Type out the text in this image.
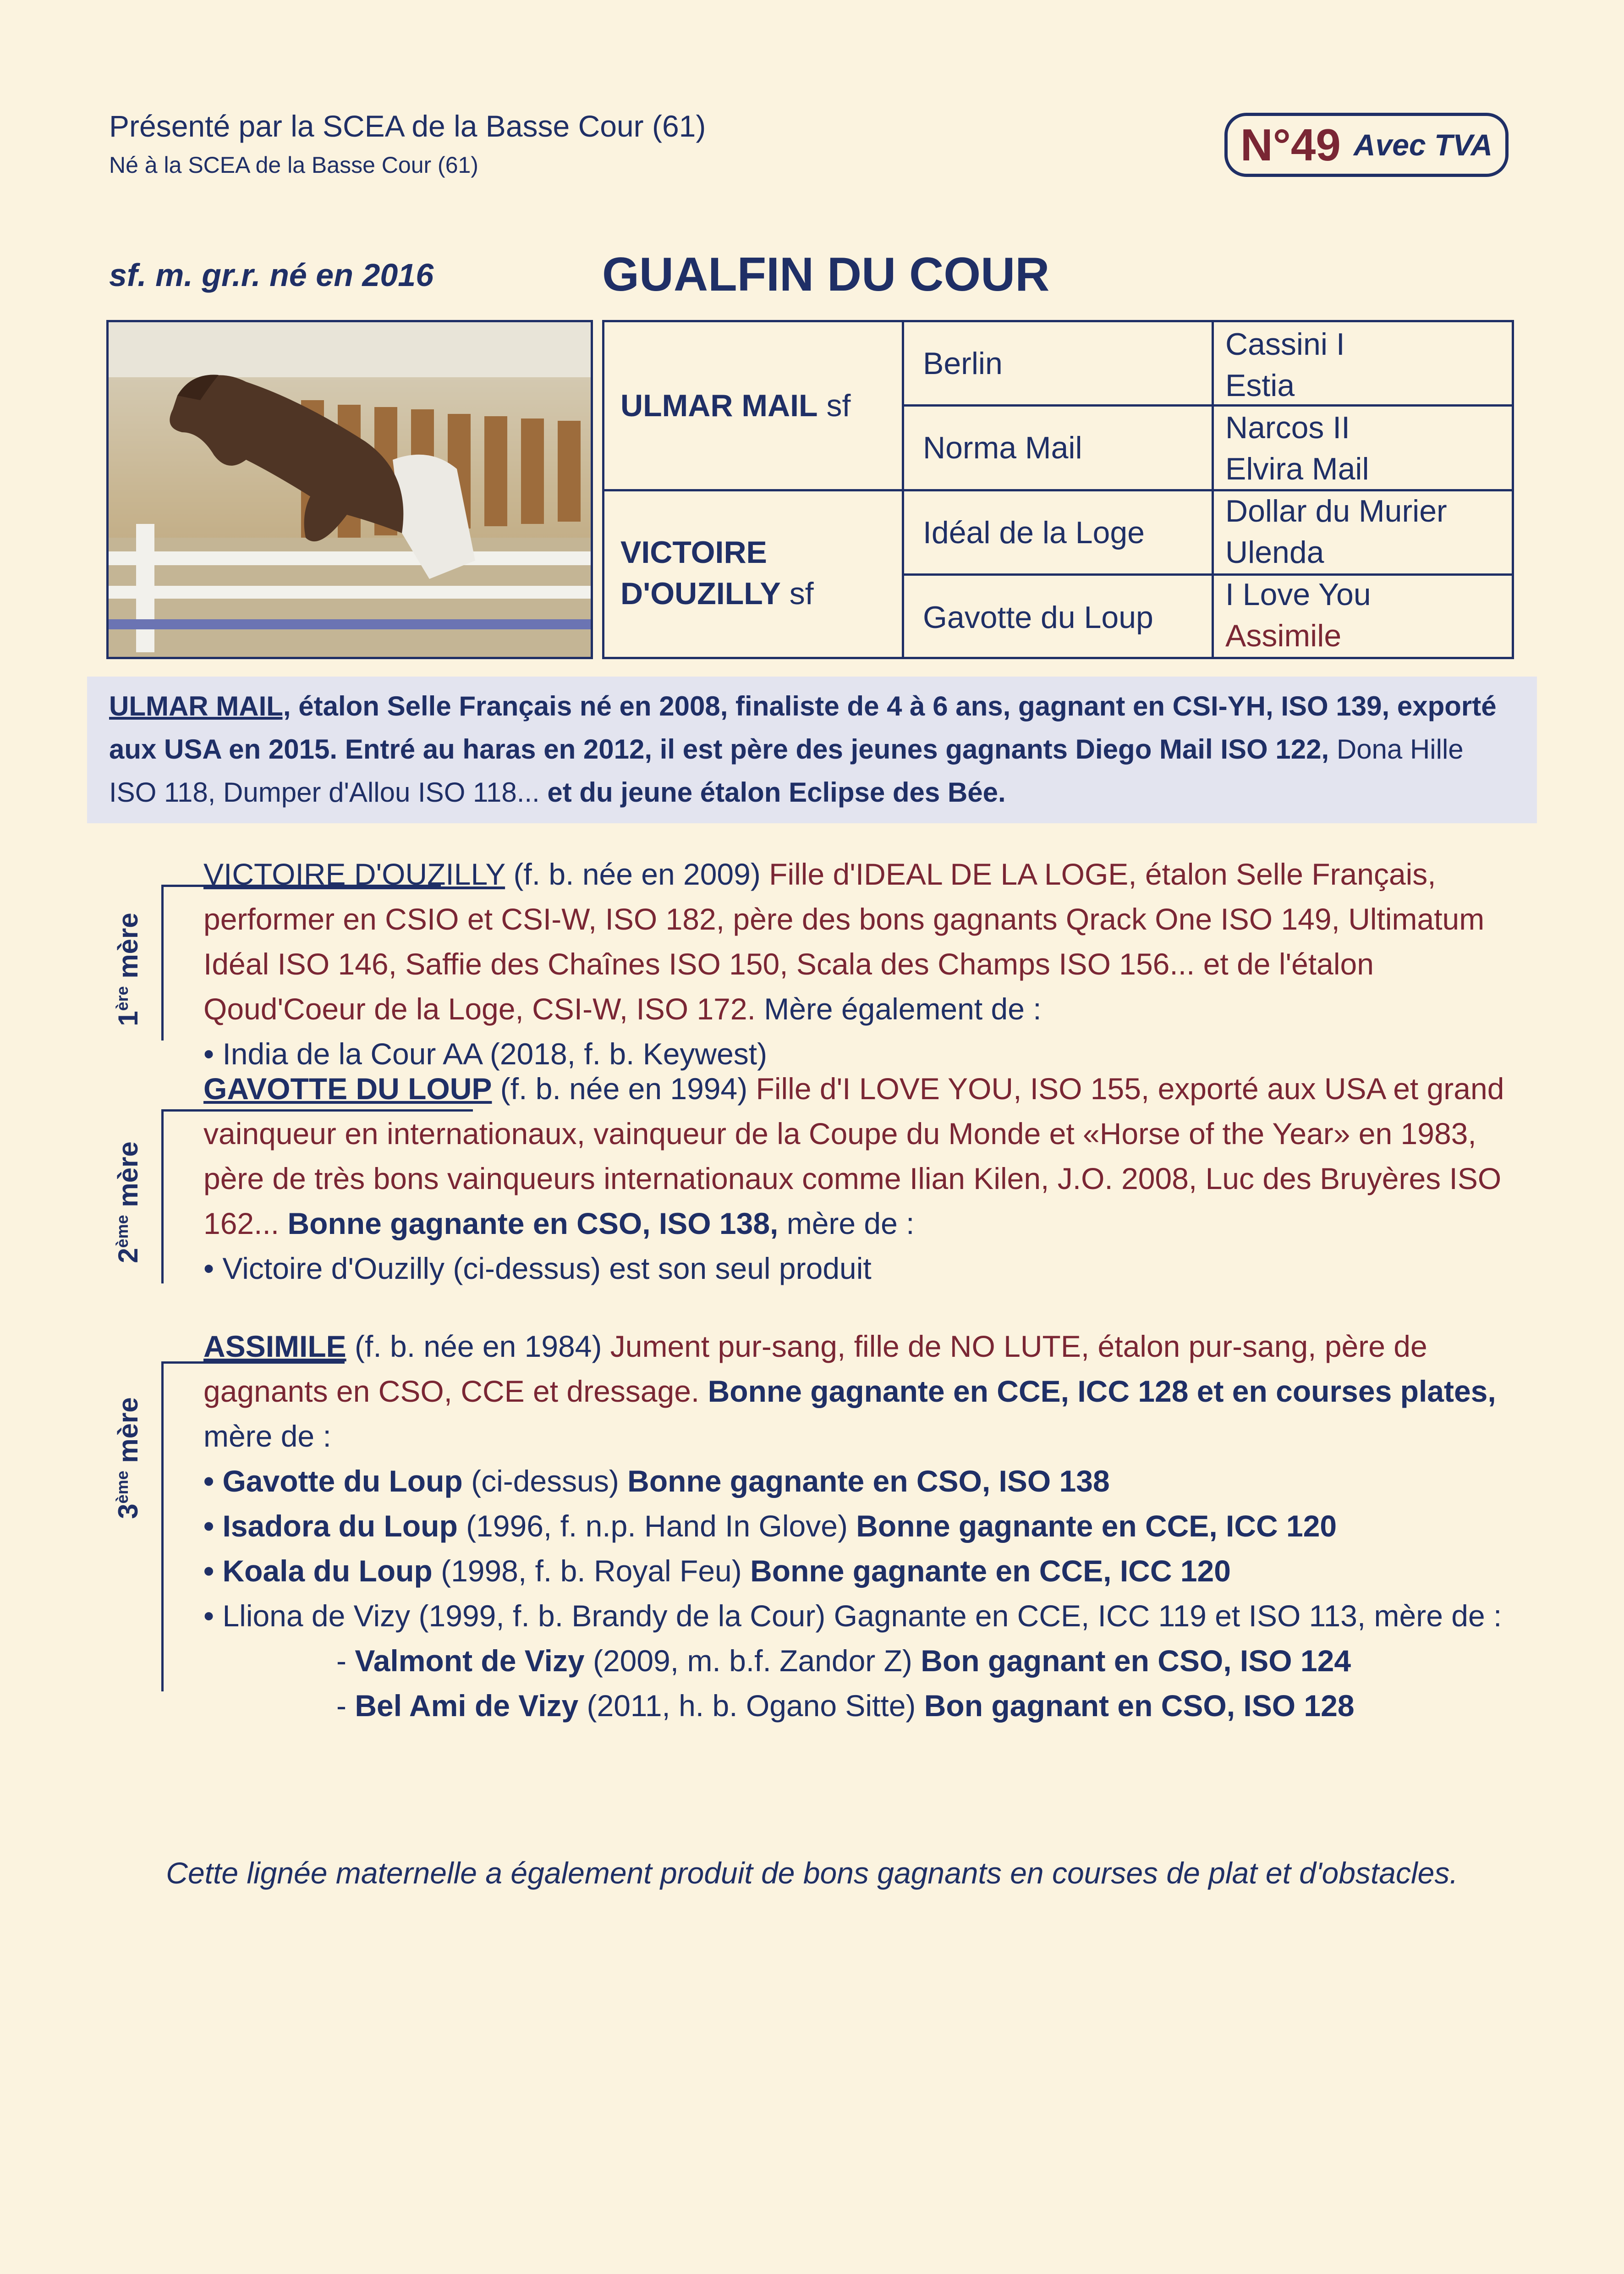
Présenté par la SCEA de la Basse Cour (61)
Né à la SCEA de la Basse Cour (61)	N°49 Avec TVA
sf. m. gr.r. né en 2016	GUALFIN DU COUR
ULMAR MAIL sf
VICTOIRE
D'OUZILLY sf
Berlin
Norma Mail
Idéal de la Loge
Gavotte du Loup
Cassini I
Estia
Narcos II
Elvira Mail
Dollar du Murier
Ulenda
I Love You
Assimile
ULMAR MAIL, étalon Selle Français né en 2008, finaliste de 4 à 6 ans, gagnant en CSI-YH, ISO 139, exporté aux USA en 2015. Entré au haras en 2012, il est père des jeunes gagnants Diego Mail ISO 122, Dona Hille ISO 118, Dumper d'Allou ISO 118... et du jeune étalon Eclipse des Bée.
1ère mère

VICTOIRE D'OUZILLY (f. b. née en 2009) Fille d'IDEAL DE LA LOGE, étalon Selle Français, performer en CSIO et CSI-W, ISO 182, père des bons gagnants Qrack One ISO 149, Ultimatum Idéal ISO 146, Saffie des Chaînes ISO 150, Scala des Champs ISO 156... et de l'étalon Qoud'Coeur de la Loge, CSI-W, ISO 172. Mère également de :

• India de la Cour AA (2018, f. b. Keywest)

2ème mère

GAVOTTE DU LOUP (f. b. née en 1994) Fille d'I LOVE YOU, ISO 155, exporté aux USA et grand vainqueur en internationaux, vainqueur de la Coupe du Monde et «Horse of the Year» en 1983, père de très bons vainqueurs internationaux comme Ilian Kilen, J.O. 2008, Luc des Bruyères ISO 162... Bonne gagnante en CSO, ISO 138, mère de :

• Victoire d'Ouzilly (ci-dessus) est son seul produit

3ème mère

ASSIMILE (f. b. née en 1984) Jument pur-sang, fille de NO LUTE, étalon pur-sang, père de gagnants en CSO, CCE et dressage. Bonne gagnante en CCE, ICC 128 et en courses plates, mère de :

• Gavotte du Loup (ci-dessus) Bonne gagnante en CSO, ISO 138

• Isadora du Loup (1996, f. n.p. Hand In Glove) Bonne gagnante en CCE, ICC 120

• Koala du Loup (1998, f. b. Royal Feu) Bonne gagnante en CCE, ICC 120

• Lliona de Vizy (1999, f. b. Brandy de la Cour) Gagnante en CCE, ICC 119 et ISO 113, mère de :

- Valmont de Vizy (2009, m. b.f. Zandor Z) Bon gagnant en CSO, ISO 124

- Bel Ami de Vizy (2011, h. b. Ogano Sitte) Bon gagnant en CSO, ISO 128

Cette lignée maternelle a également produit de bons gagnants en courses de plat et d'obstacles.
